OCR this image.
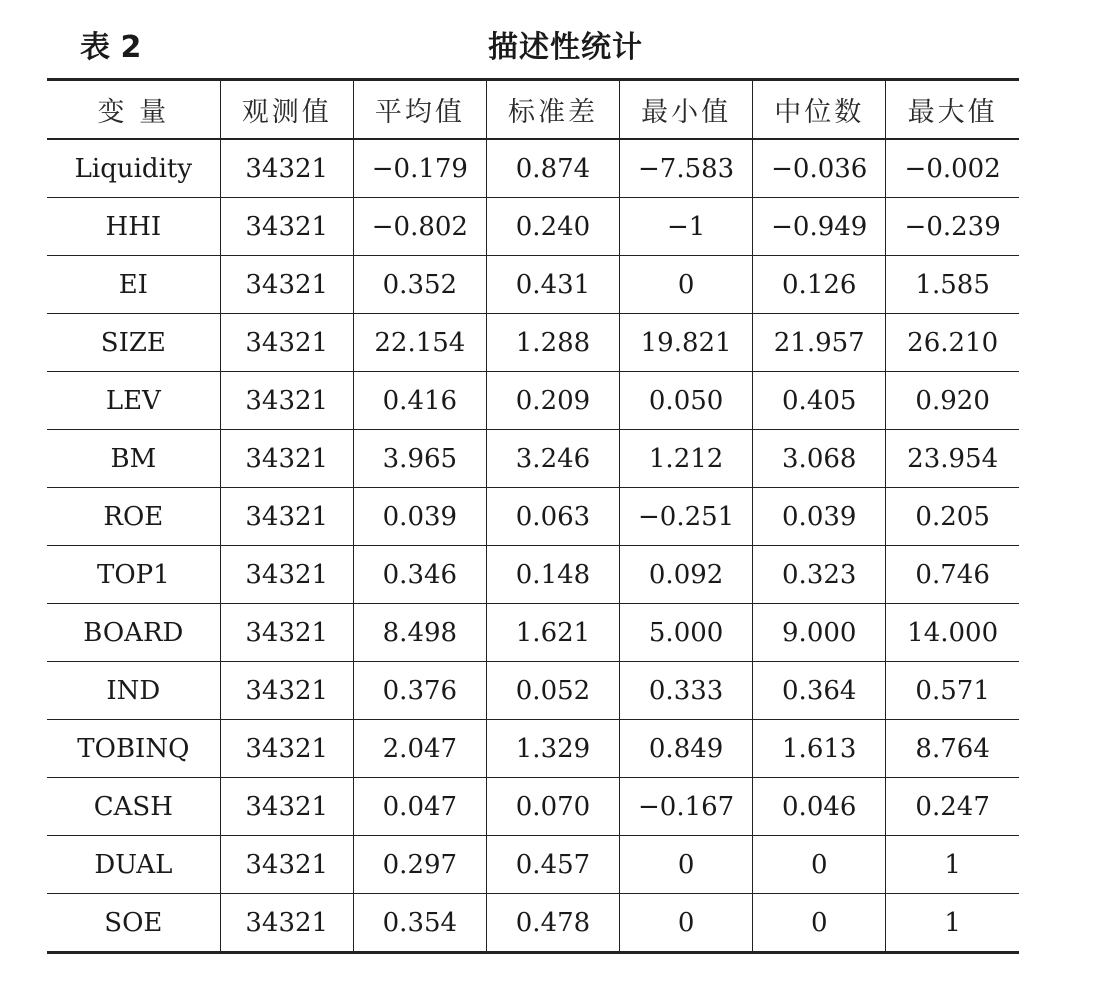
表 2	描述性统计
变 量	观测值	平均值	标准差	最小值	中位数	最大值
Liquidity	34321	−0.179	0.874	−7.583	−0.036	−0.002
HHI	34321	−0.802	0.240	−1	−0.949	−0.239
EI	34321	0.352	0.431	0	0.126	1.585
SIZE	34321	22.154	1.288	19.821	21.957	26.210
LEV	34321	0.416	0.209	0.050	0.405	0.920
BM	34321	3.965	3.246	1.212	3.068	23.954
ROE	34321	0.039	0.063	−0.251	0.039	0.205
TOP1	34321	0.346	0.148	0.092	0.323	0.746
BOARD	34321	8.498	1.621	5.000	9.000	14.000
IND	34321	0.376	0.052	0.333	0.364	0.571
TOBINQ	34321	2.047	1.329	0.849	1.613	8.764
CASH	34321	0.047	0.070	−0.167	0.046	0.247
DUAL	34321	0.297	0.457	0	0	1
SOE	34321	0.354	0.478	0	0	1
